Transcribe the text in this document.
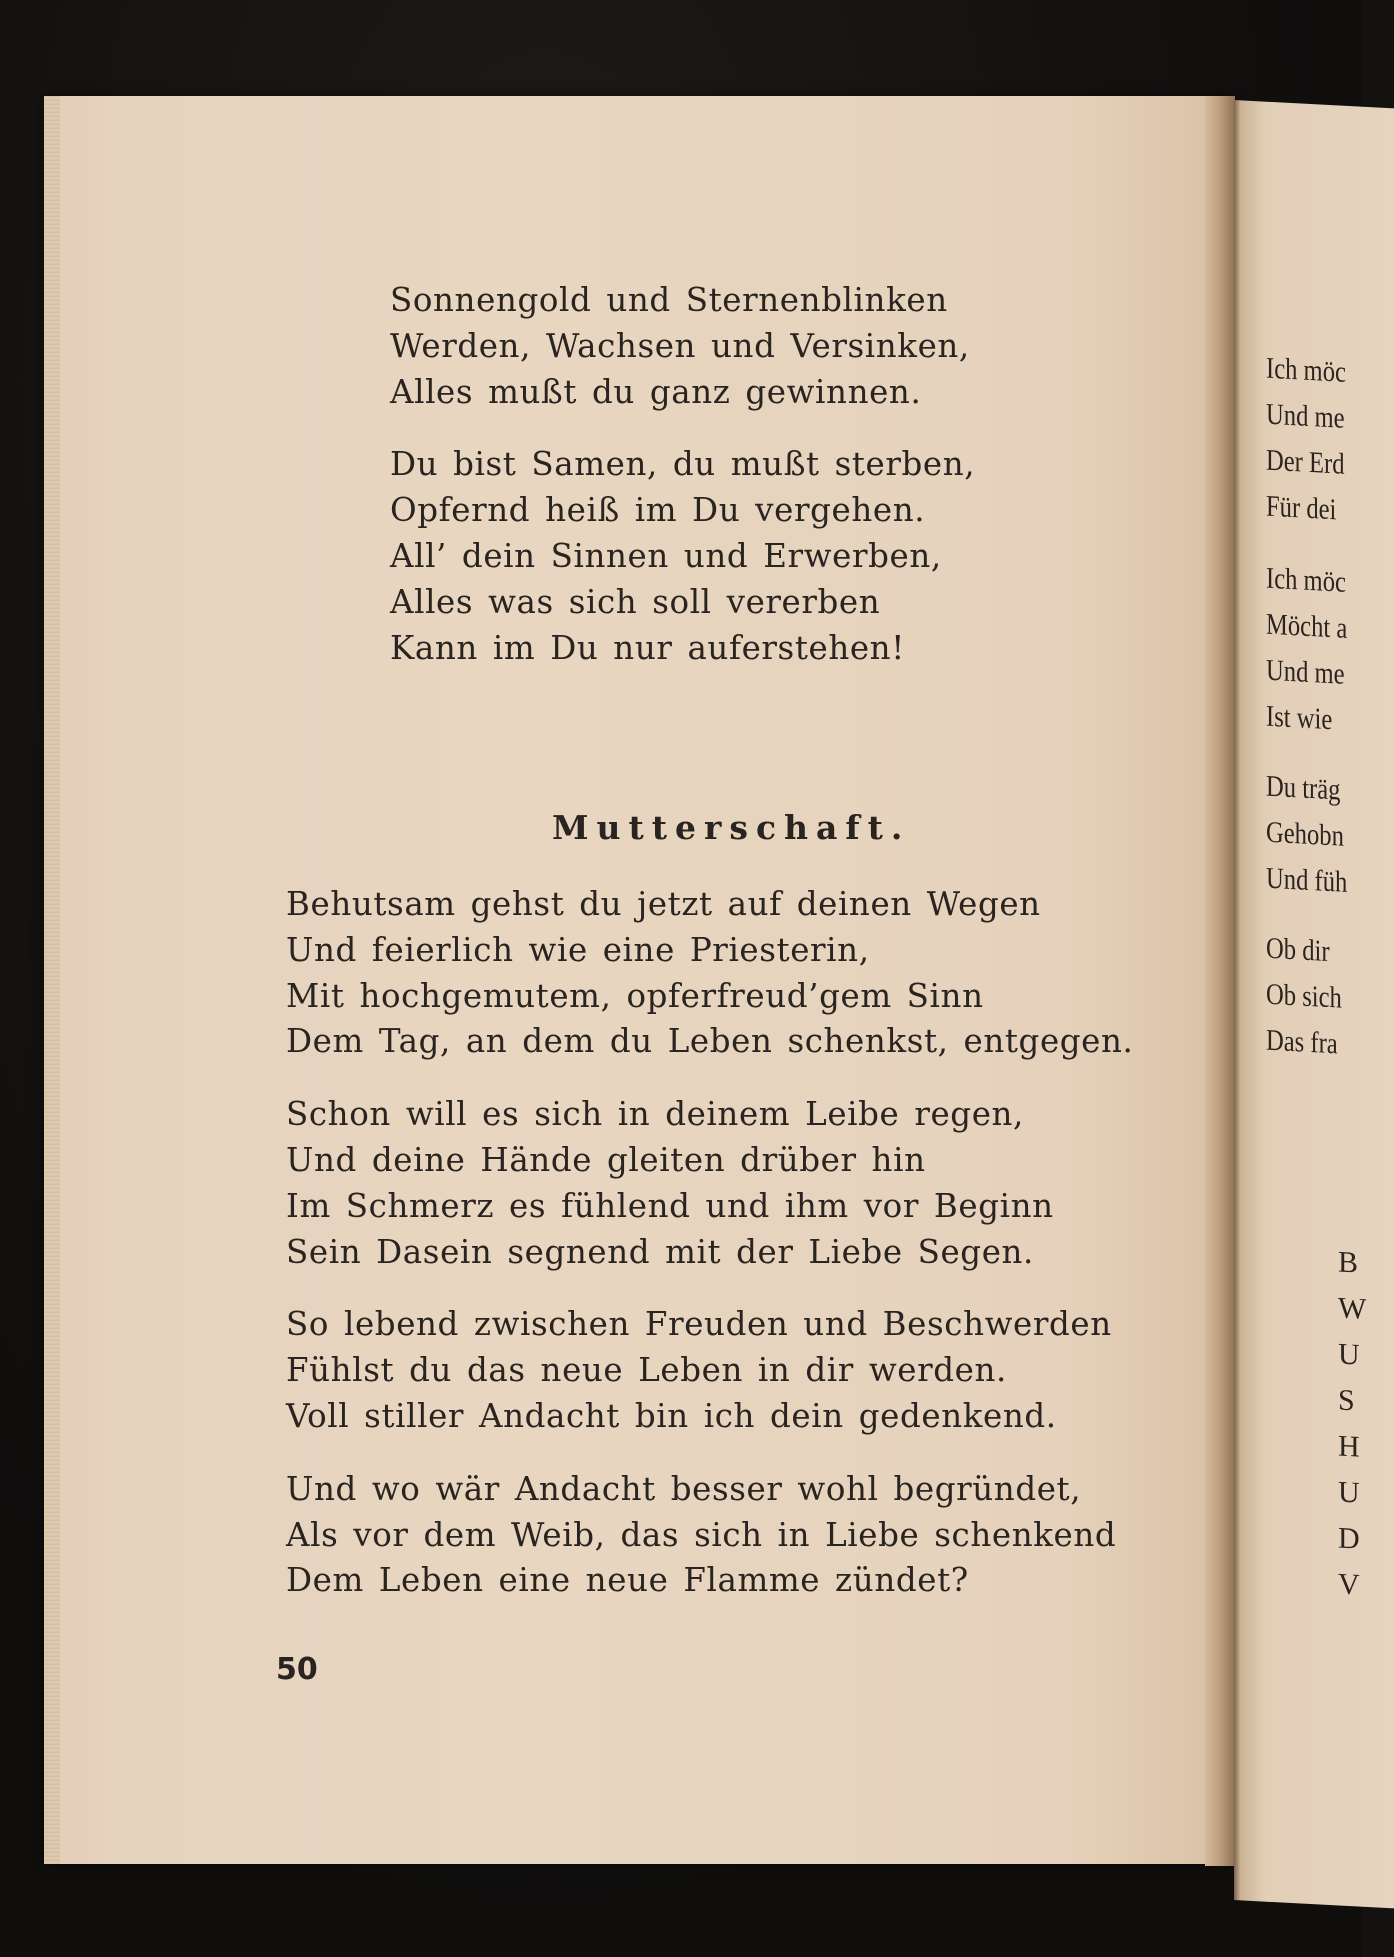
Ich möc
Und me
Der Erd
Für dei
Ich möc
Möcht a
Und me
Ist wie
Du träg
Gehobn
Und füh
Ob dir
Ob sich
Das fra
B
W
U
S
H
U
D
V
Sonnengold und Sternenblinken
Werden, Wachsen und Versinken,
Alles mußt du ganz gewinnen.
Du bist Samen, du mußt sterben,
Opfernd heiß im Du vergehen.
All’ dein Sinnen und Erwerben,
Alles was sich soll vererben
Kann im Du nur auferstehen!
Mutterschaft.
Behutsam gehst du jetzt auf deinen Wegen
Und feierlich wie eine Priesterin,
Mit hochgemutem, opferfreud’gem Sinn
Dem Tag, an dem du Leben schenkst, entgegen.
Schon will es sich in deinem Leibe regen,
Und deine Hände gleiten drüber hin
Im Schmerz es fühlend und ihm vor Beginn
Sein Dasein segnend mit der Liebe Segen.
So lebend zwischen Freuden und Beschwerden
Fühlst du das neue Leben in dir werden.
Voll stiller Andacht bin ich dein gedenkend.
Und wo wär Andacht besser wohl begründet,
Als vor dem Weib, das sich in Liebe schenkend
Dem Leben eine neue Flamme zündet?
50
